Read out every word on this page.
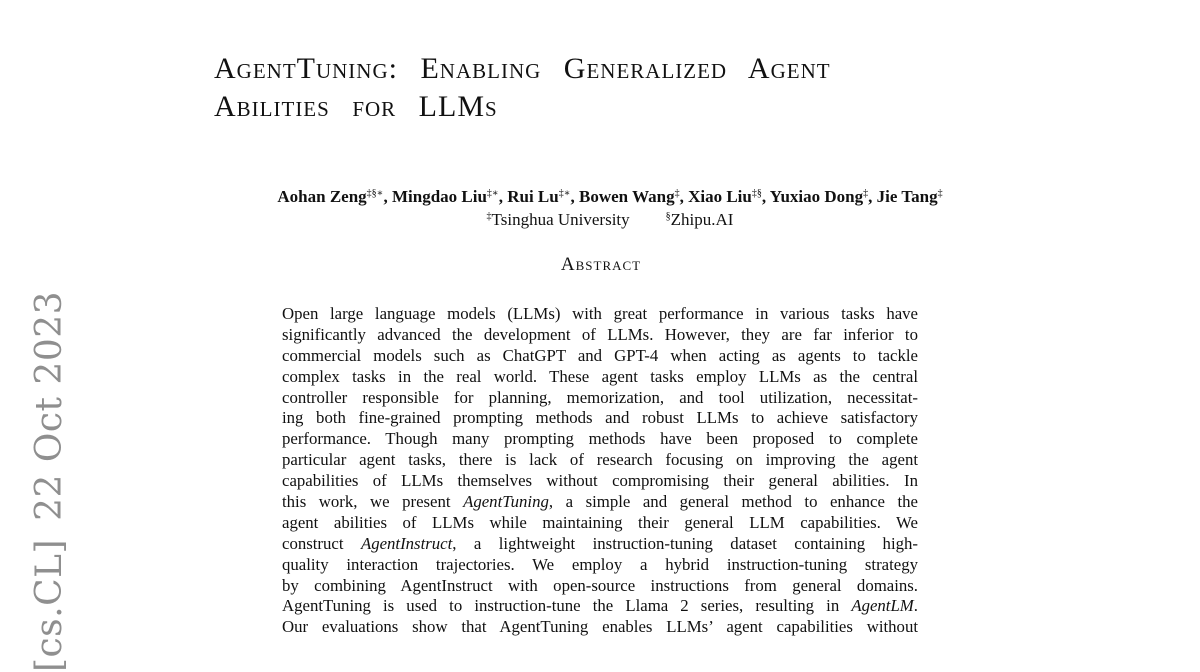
[cs.CL]22 Oct 2023
AgentTuning: Enabling Generalized Agent
Abilities for LLMs
Aohan Zeng‡§∗, Mingdao Liu‡∗, Rui Lu‡∗, Bowen Wang‡, Xiao Liu‡§, Yuxiao Dong‡, Jie Tang‡
‡Tsinghua University	§Zhipu.AI
Abstract
Open large language models (LLMs) with great performance in various tasks have
significantly advanced the development of LLMs. However, they are far inferior to
commercial models such as ChatGPT and GPT-4 when acting as agents to tackle
complex tasks in the real world. These agent tasks employ LLMs as the central
controller responsible for planning, memorization, and tool utilization, necessitat-
ing both fine-grained prompting methods and robust LLMs to achieve satisfactory
performance. Though many prompting methods have been proposed to complete
particular agent tasks, there is lack of research focusing on improving the agent
capabilities of LLMs themselves without compromising their general abilities. In
this work, we present AgentTuning, a simple and general method to enhance the
agent abilities of LLMs while maintaining their general LLM capabilities. We
construct AgentInstruct, a lightweight instruction-tuning dataset containing high-
quality interaction trajectories. We employ a hybrid instruction-tuning strategy
by combining AgentInstruct with open-source instructions from general domains.
AgentTuning is used to instruction-tune the Llama 2 series, resulting in AgentLM.
Our evaluations show that AgentTuning enables LLMs’ agent capabilities without
